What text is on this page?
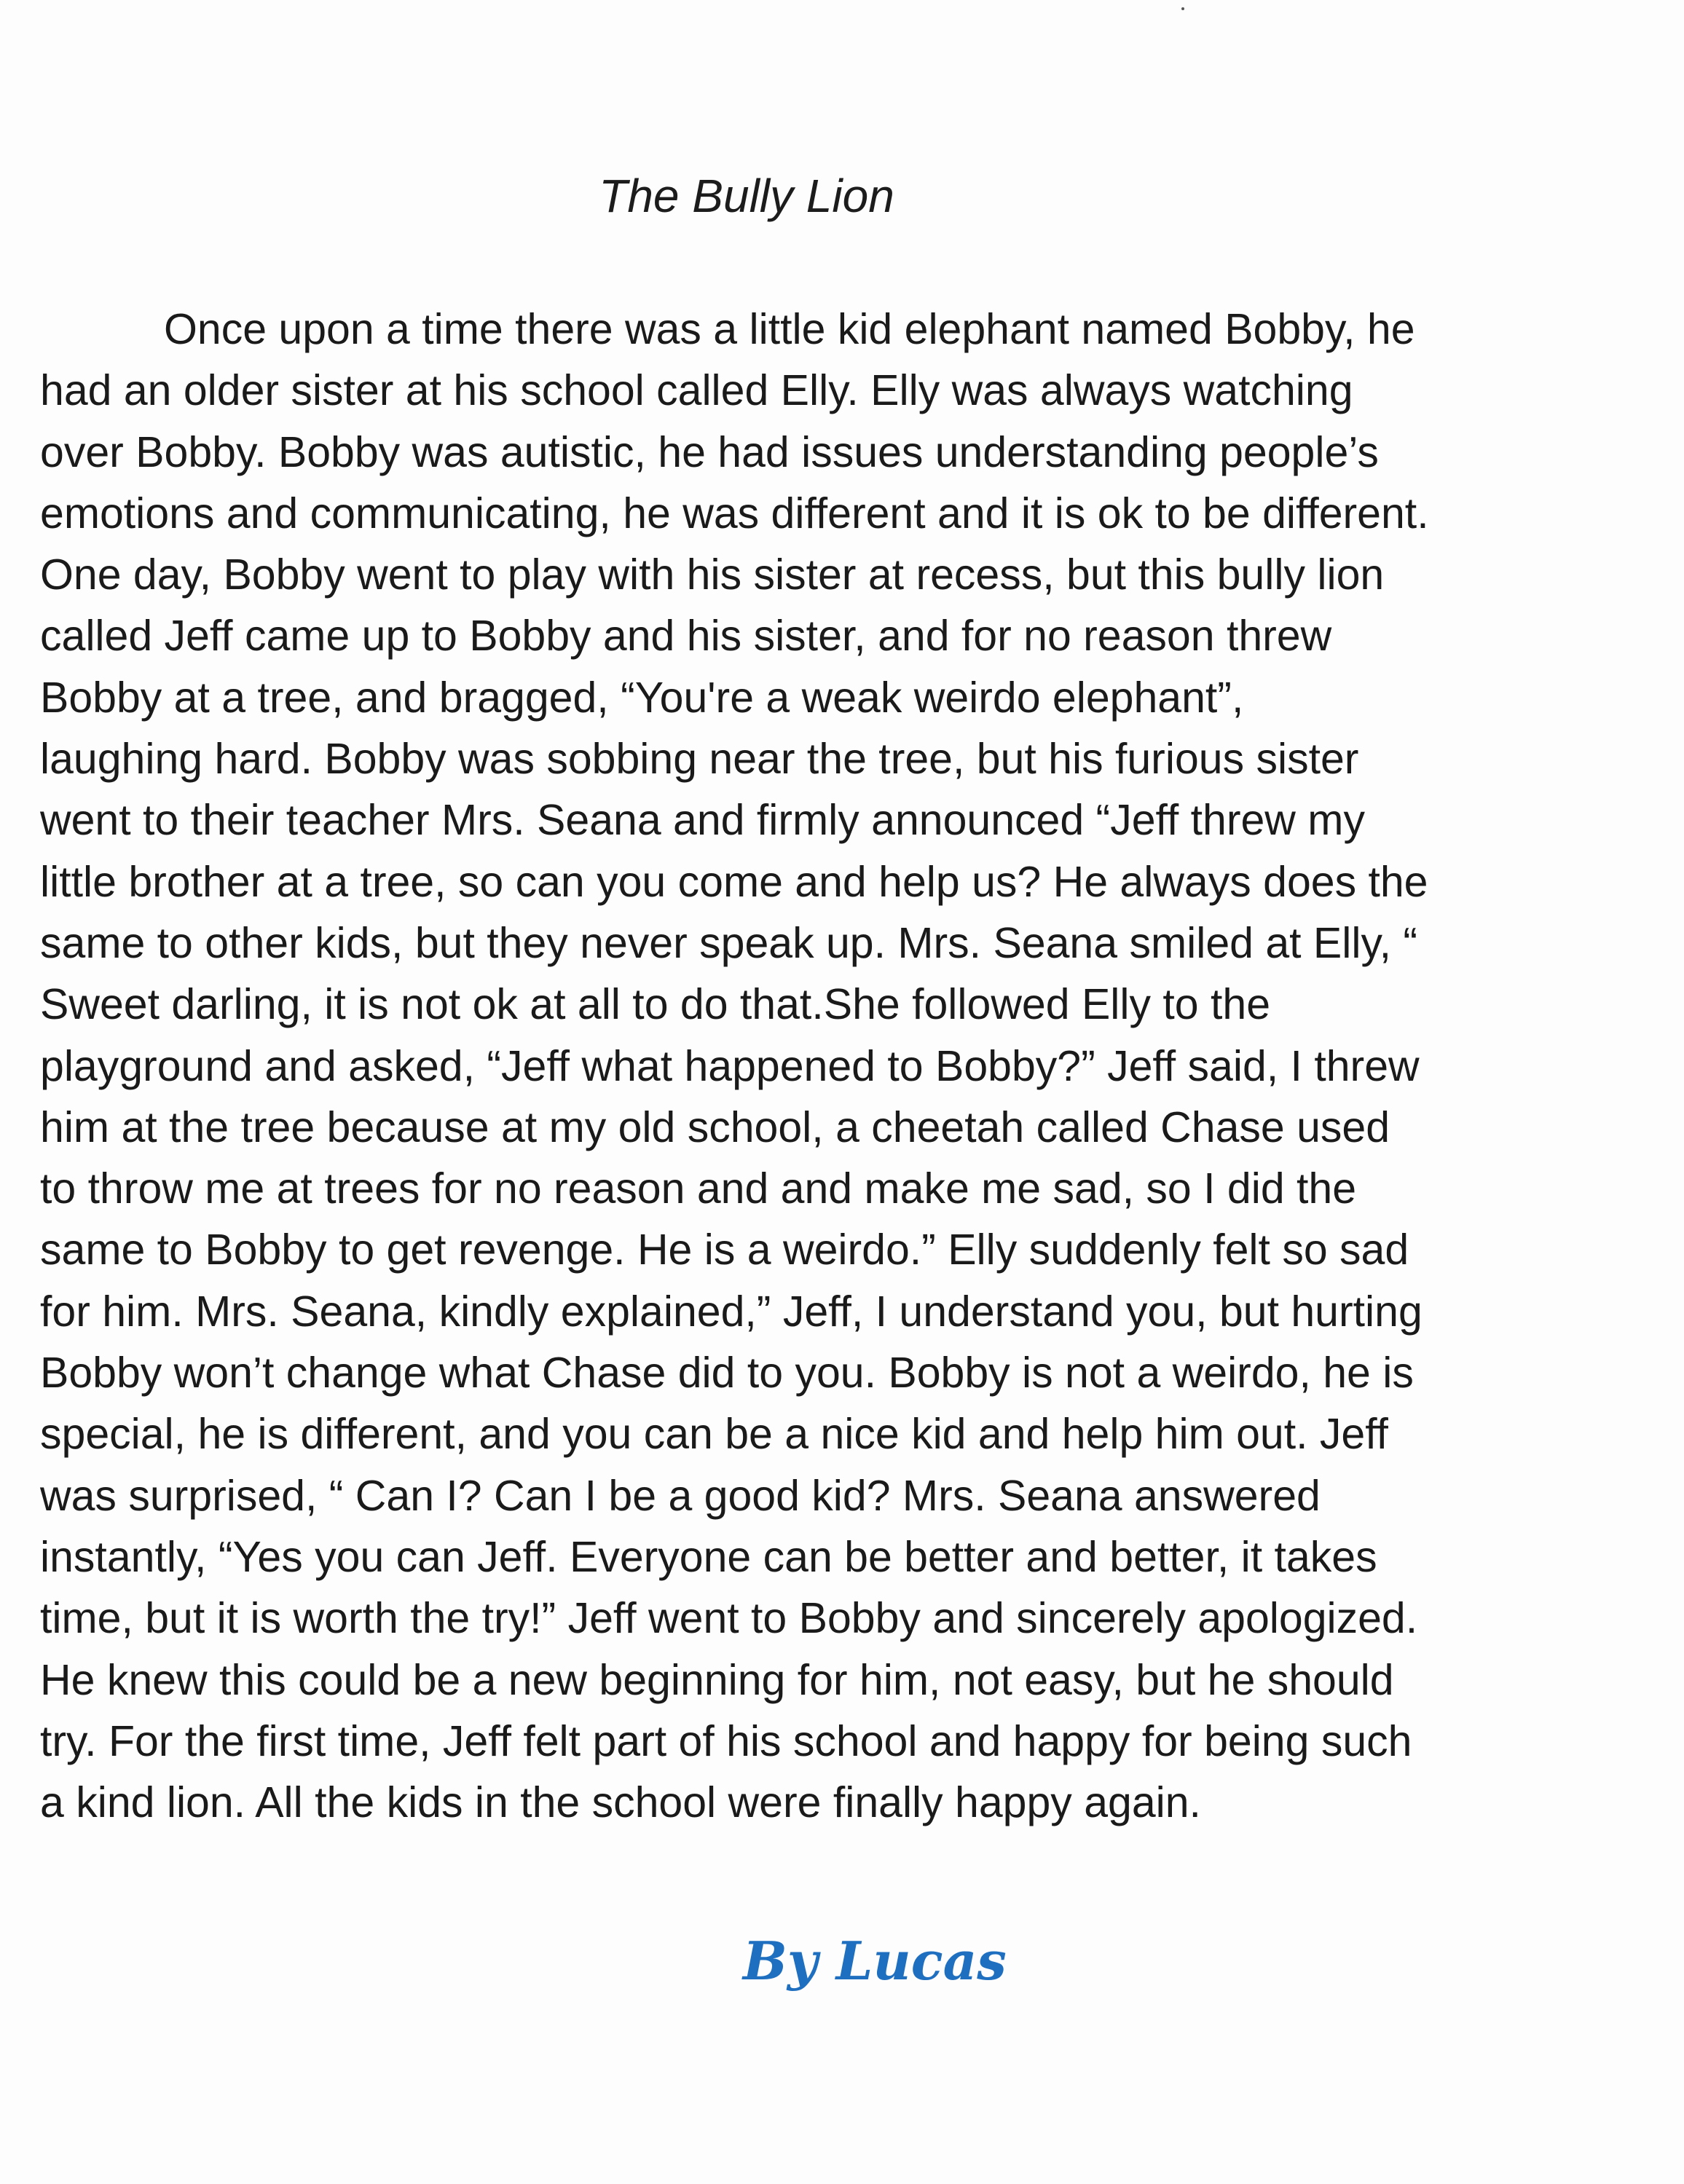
The Bully Lion
Once upon a time there was a little kid elephant named Bobby, he
had an older sister at his school called Elly. Elly was always watching
over Bobby. Bobby was autistic, he had issues understanding people’s
emotions and communicating, he was different and it is ok to be different.
One day, Bobby went to play with his sister at recess, but this bully lion
called Jeff came up to Bobby and his sister, and for no reason threw
Bobby at a tree, and bragged, “You're a weak weirdo elephant”,
laughing hard. Bobby was sobbing near the tree, but his furious sister
went to their teacher Mrs. Seana and firmly announced “Jeff threw my
little brother at a tree, so can you come and help us? He always does the
same to other kids, but they never speak up. Mrs. Seana smiled at Elly, “
Sweet darling, it is not ok at all to do that.She followed Elly to the
playground and asked, “Jeff what happened to Bobby?” Jeff said, I threw
him at the tree because at my old school, a cheetah called Chase used
to throw me at trees for no reason and and make me sad, so I did the
same to Bobby to get revenge. He is a weirdo.” Elly suddenly felt so sad
for him. Mrs. Seana, kindly explained,” Jeff, I understand you, but hurting
Bobby won’t change what Chase did to you. Bobby is not a weirdo, he is
special, he is different, and you can be a nice kid and help him out. Jeff
was surprised, “ Can I? Can I be a good kid? Mrs. Seana answered
instantly, “Yes you can Jeff. Everyone can be better and better, it takes
time, but it is worth the try!” Jeff went to Bobby and sincerely apologized.
He knew this could be a new beginning for him, not easy, but he should
try. For the first time, Jeff felt part of his school and happy for being such
a kind lion. All the kids in the school were finally happy again.
By Lucas
